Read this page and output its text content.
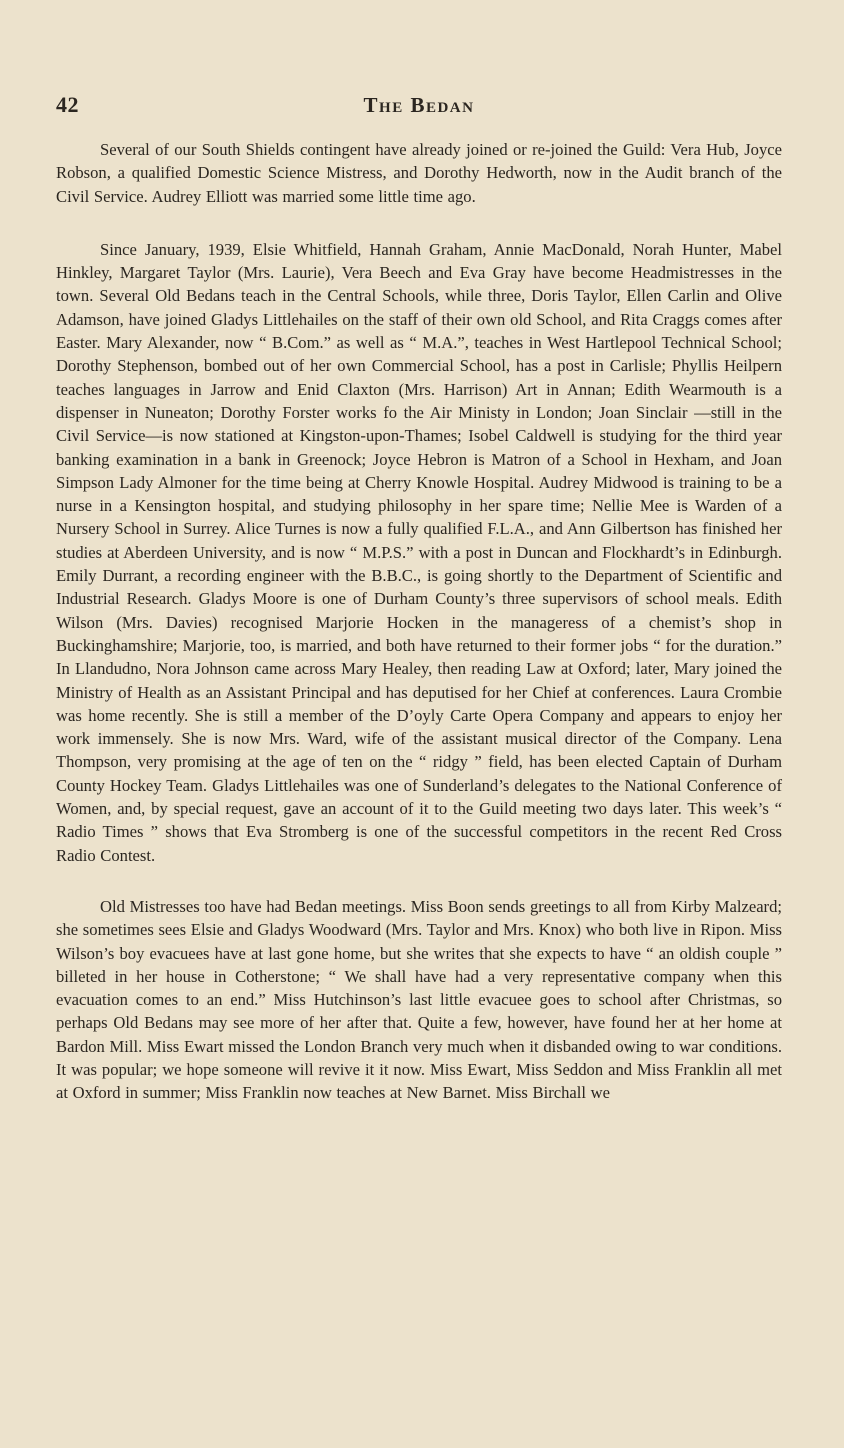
42	The Bedan

Several of our South Shields contingent have already joined or re-joined the Guild: Vera Hub, Joyce Robson, a qualified Domestic Science Mistress, and Dorothy Hedworth, now in the Audit branch of the Civil Service. Audrey Elliott was married some little time ago.

Since January, 1939, Elsie Whitfield, Hannah Graham, Annie MacDonald, Norah Hunter, Mabel Hinkley, Margaret Taylor (Mrs. Laurie), Vera Beech and Eva Gray have become Headmistresses in the town. Several Old Bedans teach in the Central Schools, while three, Doris Taylor, Ellen Carlin and Olive Adamson, have joined Gladys Littlehailes on the staff of their own old School, and Rita Craggs comes after Easter. Mary Alexander, now “ B.Com.” as well as “ M.A.”, teaches in West Hartlepool Technical School; Dorothy Stephenson, bombed out of her own Commercial School, has a post in Carlisle; Phyllis Heilpern teaches languages in Jarrow and Enid Claxton (Mrs. Harrison) Art in Annan; Edith Wearmouth is a dispenser in Nuneaton; Dorothy Forster works fo the Air Ministy in London; Joan Sinclair —still in the Civil Service—is now stationed at Kingston-upon-Thames; Isobel Caldwell is studying for the third year banking examination in a bank in Greenock; Joyce Hebron is Matron of a School in Hexham, and Joan Simpson Lady Almoner for the time being at Cherry Knowle Hospital. Audrey Midwood is training to be a nurse in a Kensington hospital, and studying philosophy in her spare time; Nellie Mee is Warden of a Nursery School in Surrey. Alice Turnes is now a fully qualified F.L.A., and Ann Gilbertson has finished her studies at Aberdeen University, and is now “ M.P.S.” with a post in Duncan and Flockhardt’s in Edinburgh. Emily Durrant, a recording engineer with the B.B.C., is going shortly to the Department of Scientific and Industrial Research. Gladys Moore is one of Durham County’s three supervisors of school meals. Edith Wilson (Mrs. Davies) recognised Marjorie Hocken in the manageress of a chemist’s shop in Buckinghamshire; Marjorie, too, is married, and both have returned to their former jobs “ for the duration.” In Llandudno, Nora Johnson came across Mary Healey, then reading Law at Oxford; later, Mary joined the Ministry of Health as an Assistant Principal and has deputised for her Chief at conferences. Laura Crombie was home recently. She is still a member of the D’oyly Carte Opera Company and appears to enjoy her work immensely. She is now Mrs. Ward, wife of the assistant musical director of the Company. Lena Thompson, very promising at the age of ten on the “ ridgy ” field, has been elected Captain of Durham County Hockey Team. Gladys Littlehailes was one of Sunderland’s delegates to the National Conference of Women, and, by special request, gave an account of it to the Guild meeting two days later. This week’s “ Radio Times ” shows that Eva Stromberg is one of the successful competitors in the recent Red Cross Radio Contest.

Old Mistresses too have had Bedan meetings. Miss Boon sends greetings to all from Kirby Malzeard; she sometimes sees Elsie and Gladys Woodward (Mrs. Taylor and Mrs. Knox) who both live in Ripon. Miss Wilson’s boy evacuees have at last gone home, but she writes that she expects to have “ an oldish couple ” billeted in her house in Cotherstone; “ We shall have had a very representative company when this evacuation comes to an end.” Miss Hutchinson’s last little evacuee goes to school after Christmas, so perhaps Old Bedans may see more of her after that. Quite a few, however, have found her at her home at Bardon Mill. Miss Ewart missed the London Branch very much when it disbanded owing to war conditions. It was popular; we hope someone will revive it it now. Miss Ewart, Miss Seddon and Miss Franklin all met at Oxford in summer; Miss Franklin now teaches at New Barnet. Miss Birchall we
